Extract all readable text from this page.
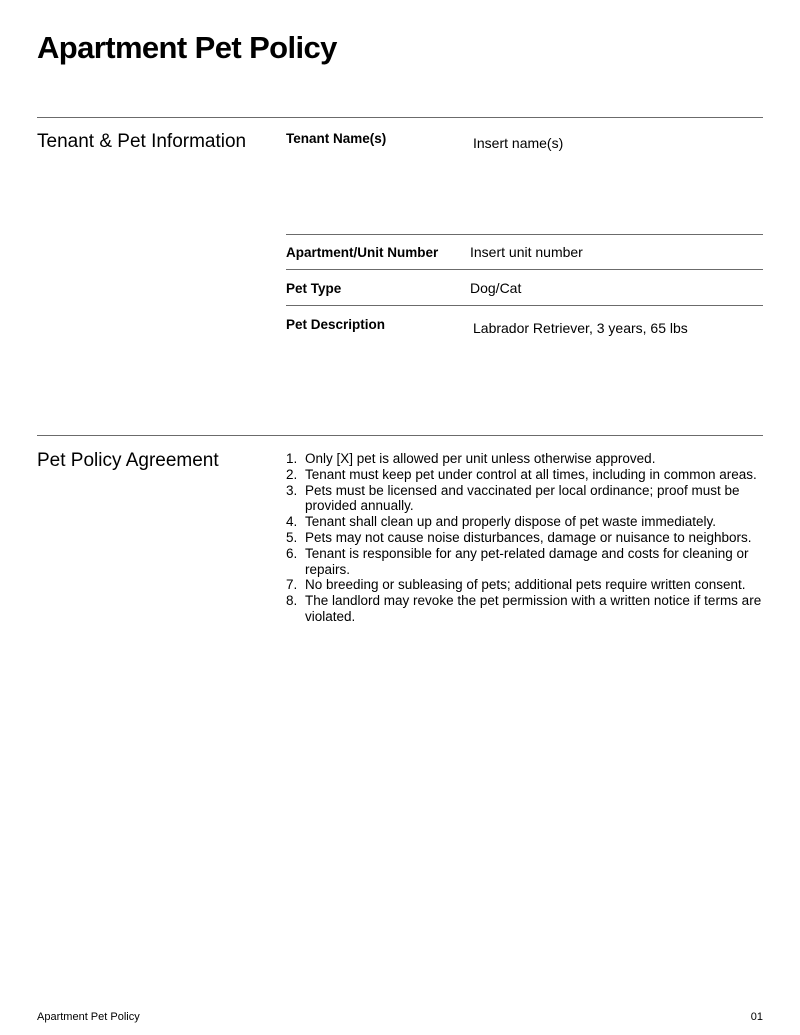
Apartment Pet Policy
Tenant & Pet Information	Tenant Name(s)	Insert name(s)
Apartment/Unit Number Insert unit number
Pet Type	Dog/Cat
Pet Description	Labrador Retriever, 3 years, 65 lbs
Pet Policy Agreement	1. Only [X] pet is allowed per unit unless otherwise approved.
2. Tenant must keep pet under control at all times, including in common areas.
3. Pets must be licensed and vaccinated per local ordinance; proof must be provided annually.
4. Tenant shall clean up and properly dispose of pet waste immediately.
5. Pets may not cause noise disturbances, damage or nuisance to neighbors.
6. Tenant is responsible for any pet-related damage and costs for cleaning or repairs.
7. No breeding or subleasing of pets; additional pets require written consent.
8. The landlord may revoke the pet permission with a written notice if terms are violated.
Apartment Pet Policy	01
